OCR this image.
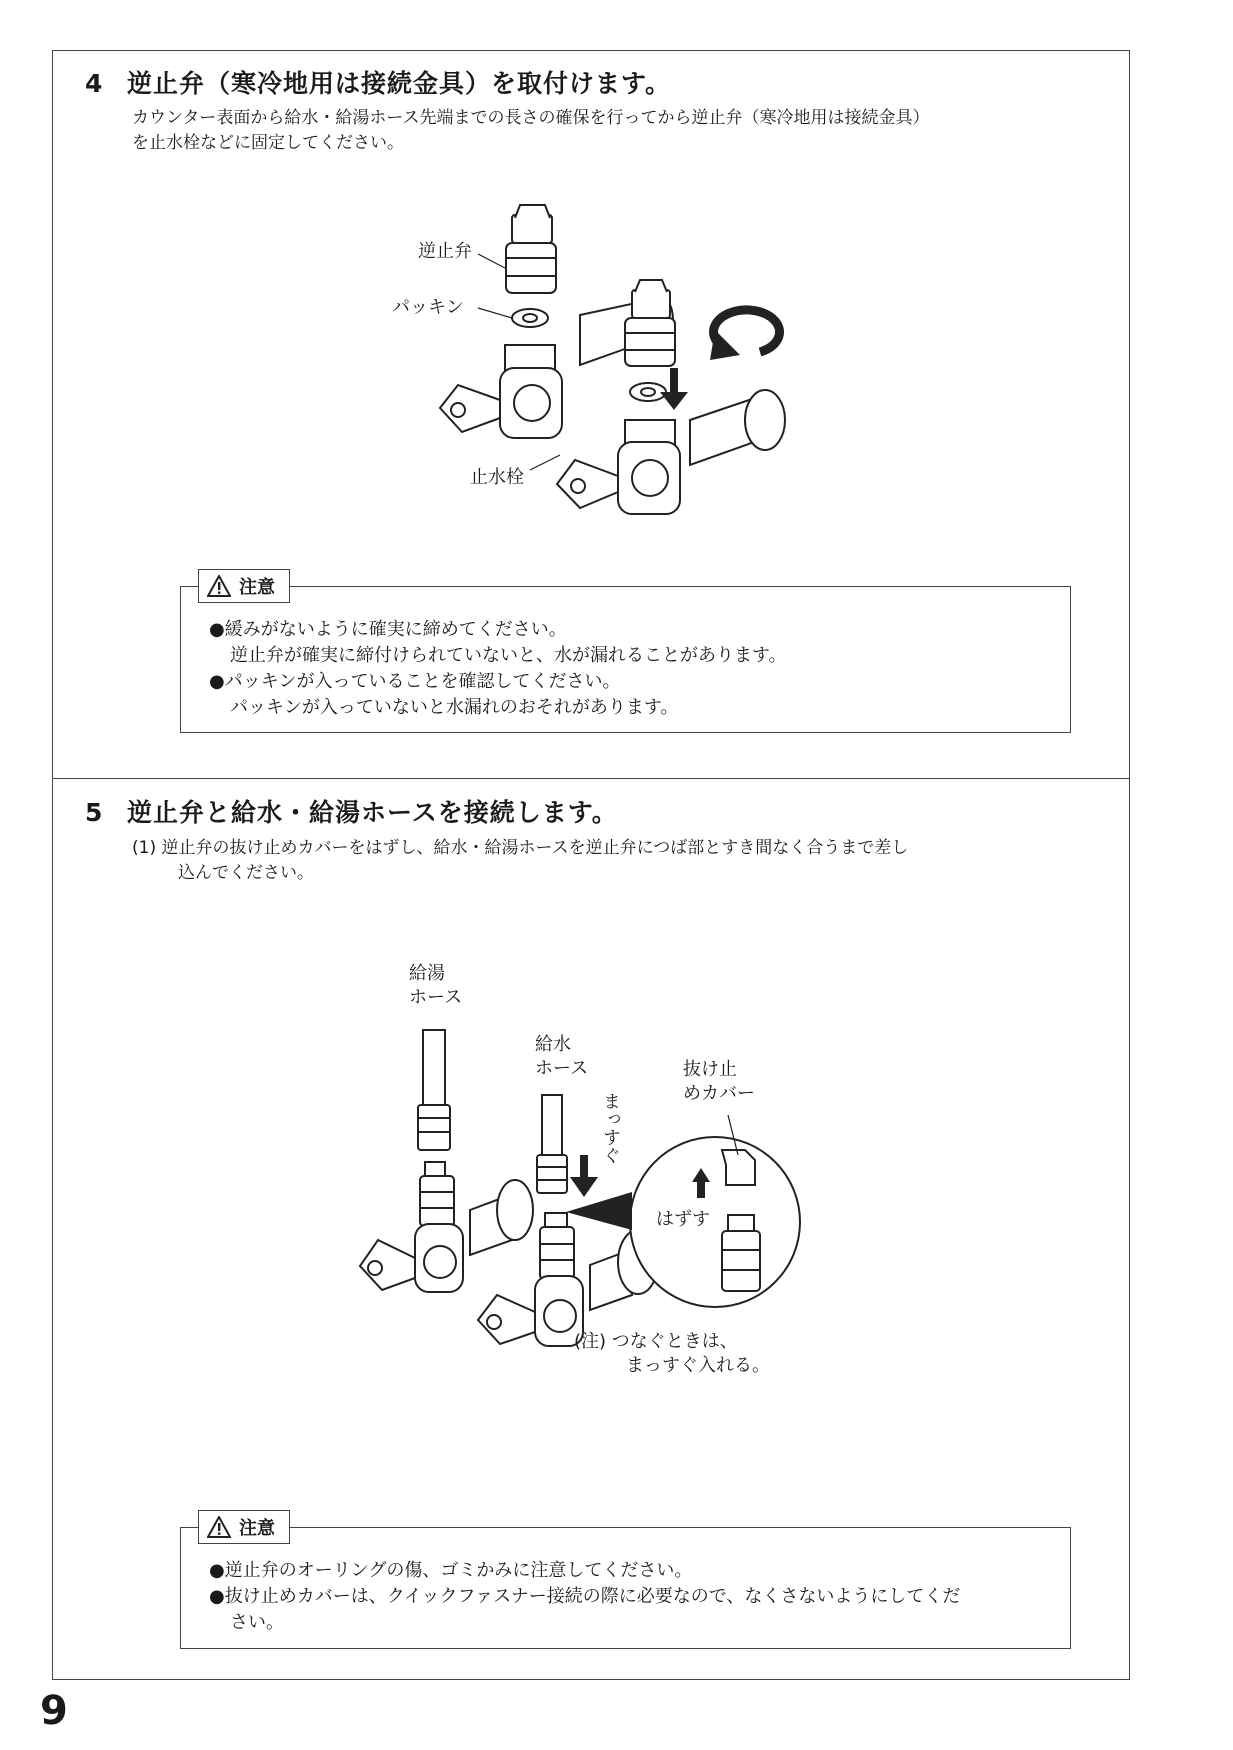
4 逆止弁（寒冷地用は接続金具）を取付けます。
カウンター表面から給水・給湯ホース先端までの長さの確保を行ってから逆止弁（寒冷地用は接続金具）
を止水栓などに固定してください。
逆止弁
パッキン
止水栓
注意
●緩みがないように確実に締めてください。
逆止弁が確実に締付けられていないと、水が漏れることがあります。
●パッキンが入っていることを確認してください。
パッキンが入っていないと水漏れのおそれがあります。
5 逆止弁と給水・給湯ホースを接続します。
(1) 逆止弁の抜け止めカバーをはずし、給水・給湯ホースを逆止弁につば部とすき間なく合うまで差し
込んでください。
給湯
ホース
給水
ホース
まっすぐ
抜け止
めカバー
はずす
(注) つなぐときは、
まっすぐ入れる。
注意
●逆止弁のオーリングの傷、ゴミかみに注意してください。
●抜け止めカバーは、クイックファスナー接続の際に必要なので、なくさないようにしてくだ
さい。
9
